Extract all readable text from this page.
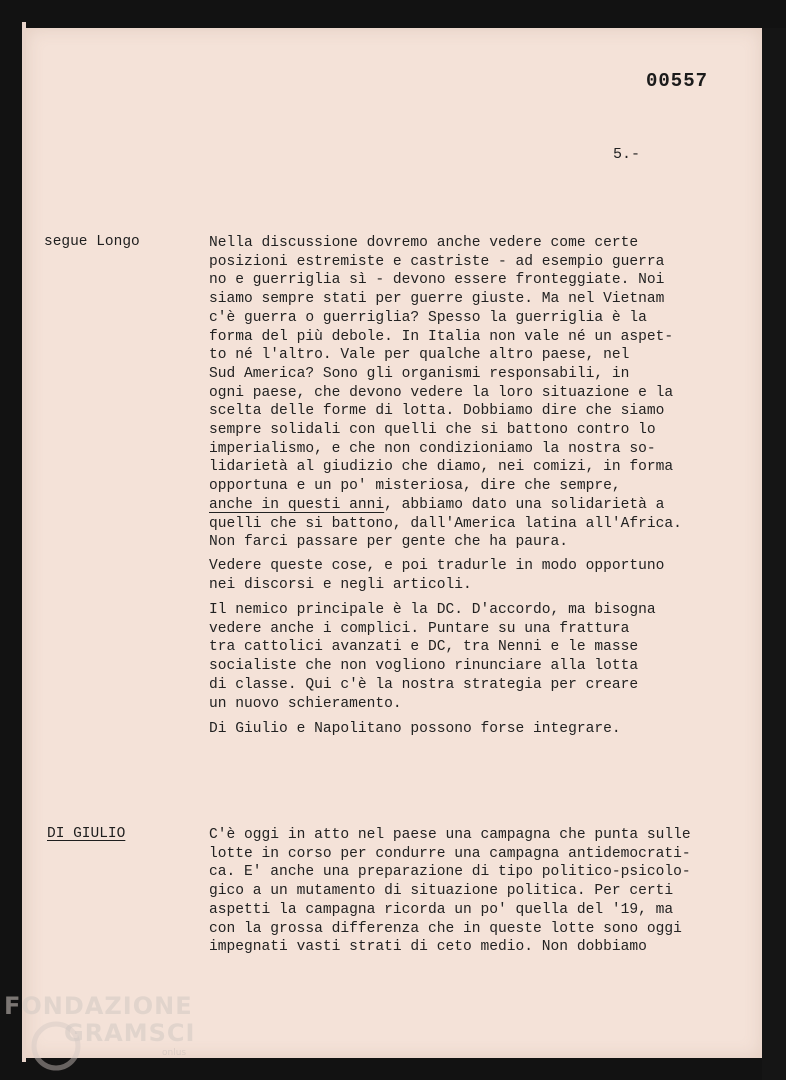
00557
5.-
segue Longo	Nella discussione dovremo anche vedere come certe
posizioni estremiste e castriste - ad esempio guerra
no e guerriglia sì - devono essere fronteggiate. Noi
siamo sempre stati per guerre giuste. Ma nel Vietnam
c'è guerra o guerriglia? Spesso la guerriglia è la
forma del più debole. In Italia non vale né un aspet-
to né l'altro. Vale per qualche altro paese, nel
Sud America? Sono gli organismi responsabili, in
ogni paese, che devono vedere la loro situazione e la
scelta delle forme di lotta. Dobbiamo dire che siamo
sempre solidali con quelli che si battono contro lo
imperialismo, e che non condizioniamo la nostra so-
lidarietà al giudizio che diamo, nei comizi, in forma
opportuna e un po' misteriosa, dire che sempre,
anche in questi anni, abbiamo dato una solidarietà a
quelli che si battono, dall'America latina all'Africa.
Non farci passare per gente che ha paura.

Vedere queste cose, e poi tradurle in modo opportuno
nei discorsi e negli articoli.

Il nemico principale è la DC. D'accordo, ma bisogna
vedere anche i complici. Puntare su una frattura
tra cattolici avanzati e DC, tra Nenni e le masse
socialiste che non vogliono rinunciare alla lotta
di classe. Qui c'è la nostra strategia per creare
un nuovo schieramento.

Di Giulio e Napolitano possono forse integrare.

DI GIULIO	C'è oggi in atto nel paese una campagna che punta sulle
lotte in corso per condurre una campagna antidemocrati-
ca. E' anche una preparazione di tipo politico-psicolo-
gico a un mutamento di situazione politica. Per certi
aspetti la campagna ricorda un po' quella del '19, ma
con la grossa differenza che in queste lotte sono oggi
impegnati vasti strati di ceto medio. Non dobbiamo

FONDAZIONE
GRAMSCI
onlus
